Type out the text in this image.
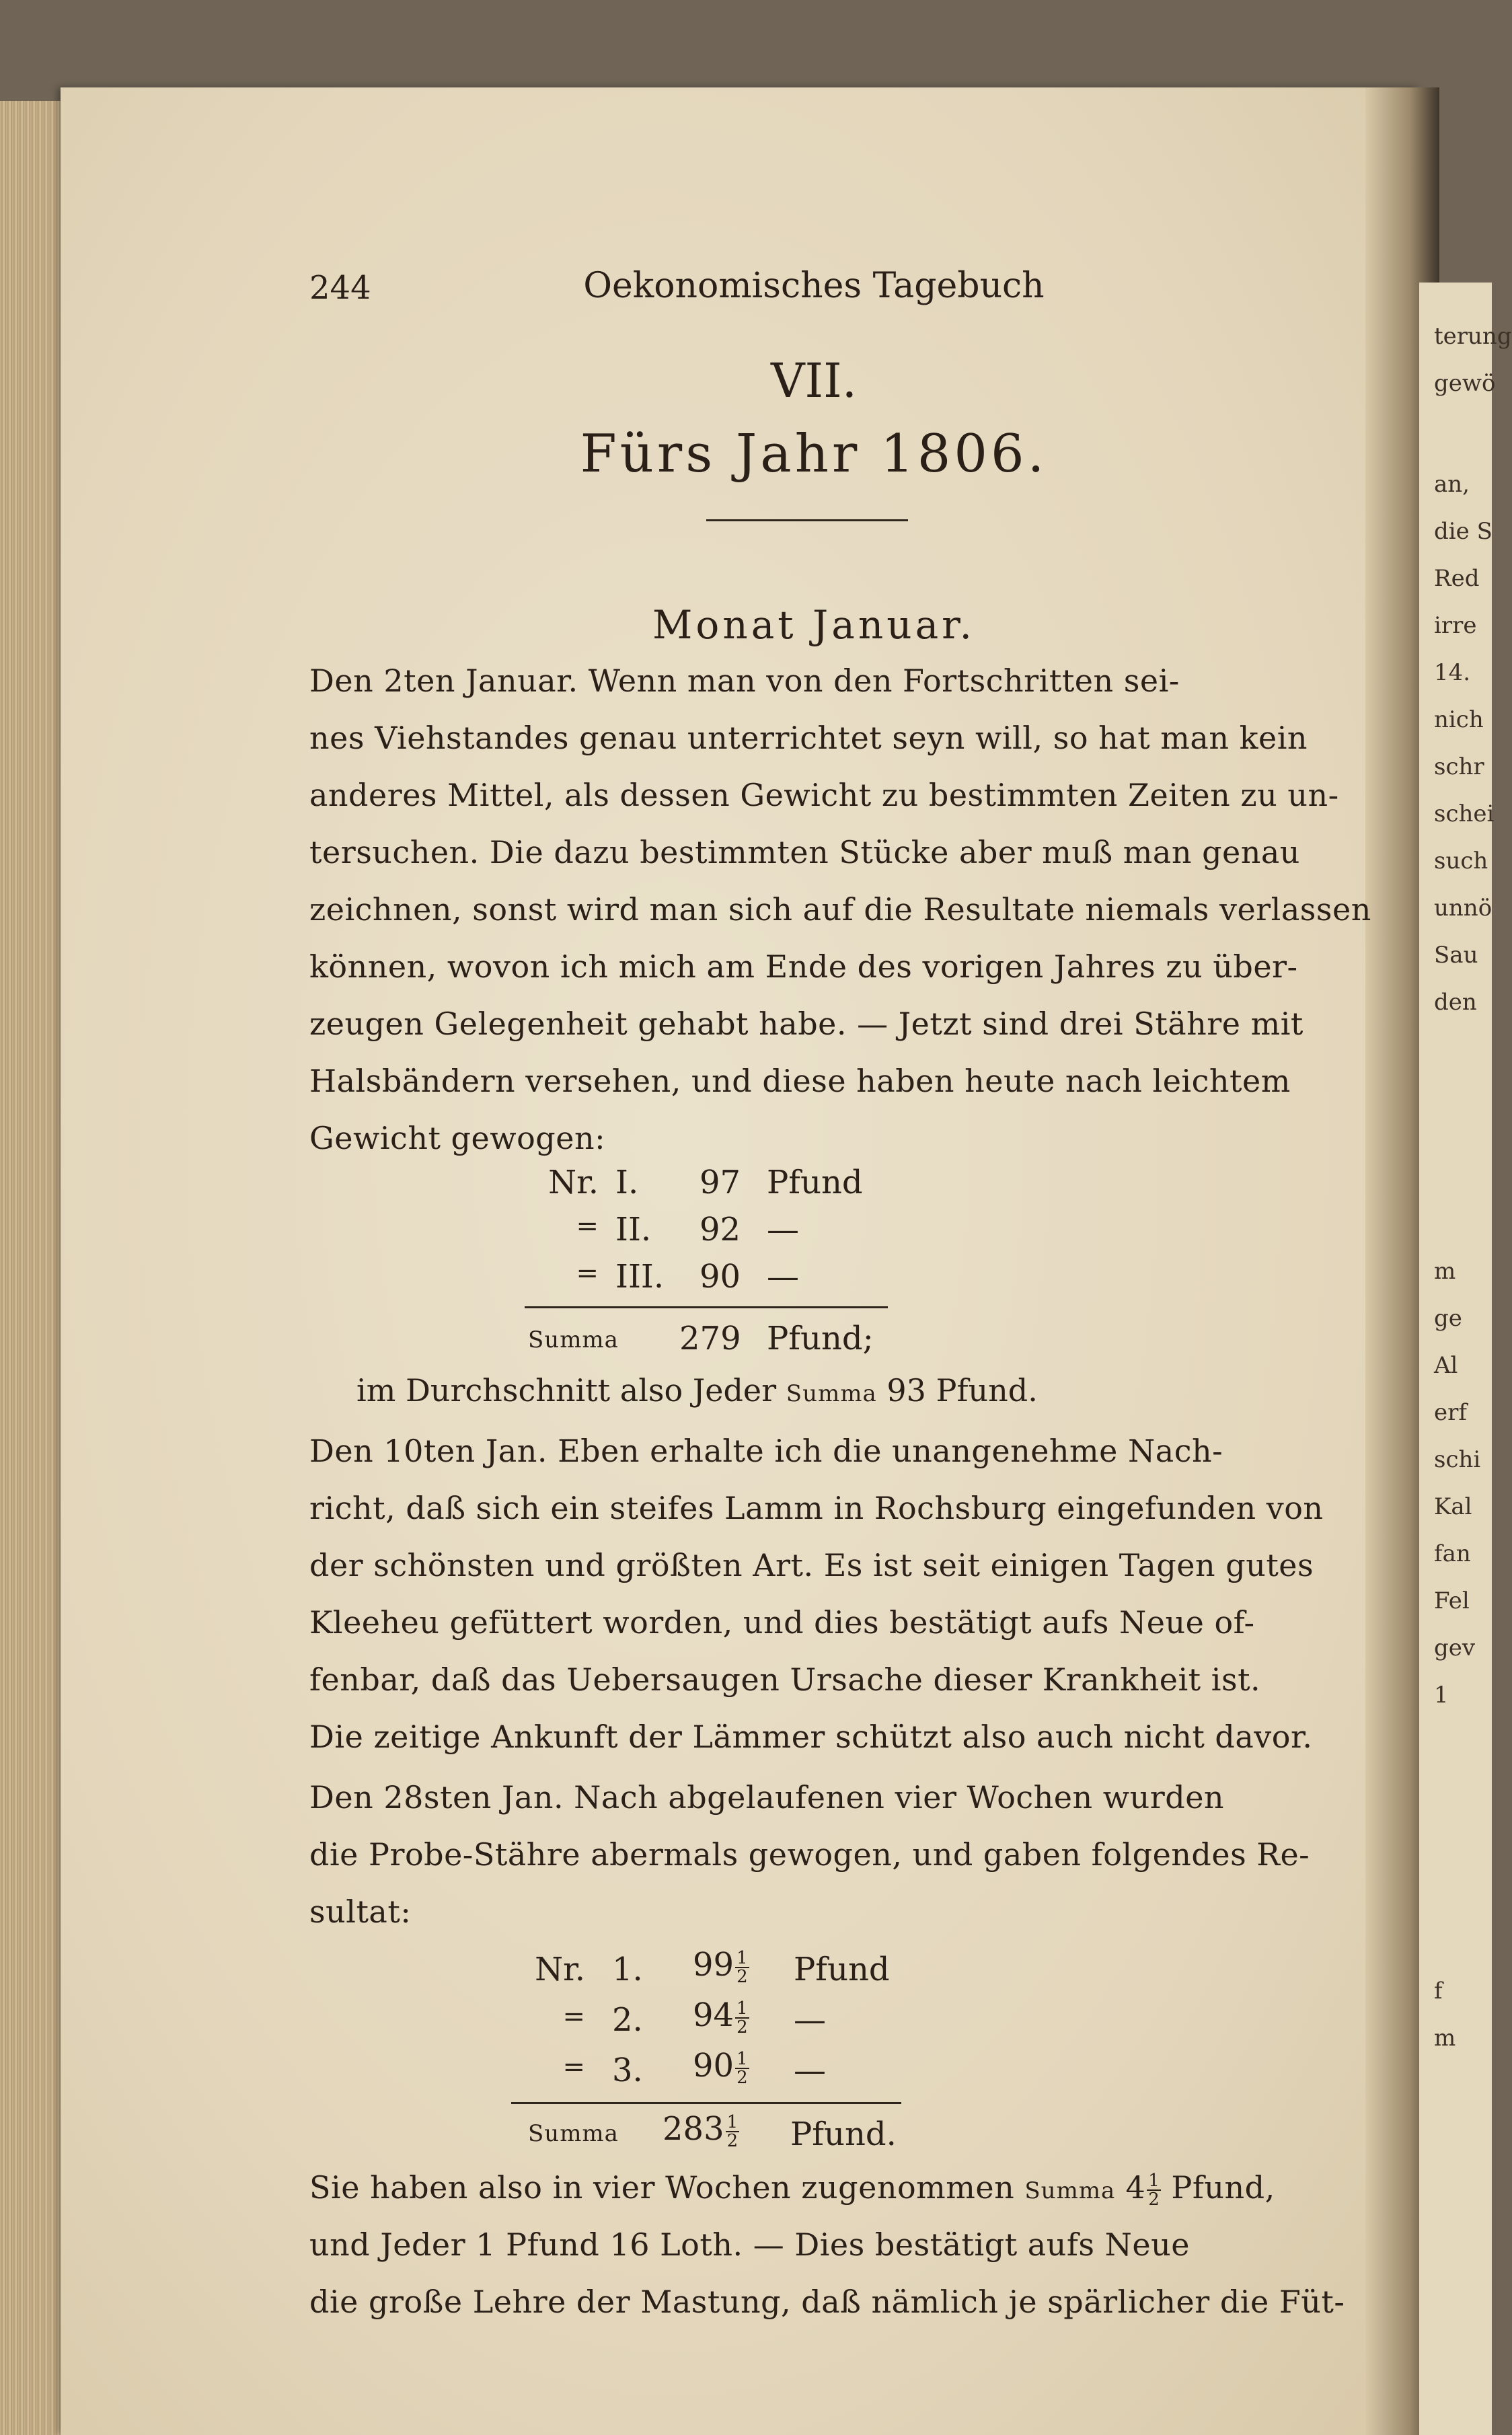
terung
gewö
an,
die S
Red
irre
14.
nich
schr
schei
such
unnö
Sau
den
m
ge
Al
erf
schi
Kal
fan
Fel
gev
1
f
m
244	Oekonomisches Tagebuch
VII.
Fürs Jahr 1806.
Monat Januar.
Den 2ten Januar. Wenn man von den Fortschritten sei-
nes Viehstandes genau unterrichtet seyn will, so hat man kein
anderes Mittel, als dessen Gewicht zu bestimmten Zeiten zu un-
tersuchen. Die dazu bestimmten Stücke aber muß man genau
zeichnen, sonst wird man sich auf die Resultate niemals verlassen
können, wovon ich mich am Ende des vorigen Jahres zu über-
zeugen Gelegenheit gehabt habe. — Jetzt sind drei Stähre mit
Halsbändern versehen, und diese haben heute nach leichtem
Gewicht gewogen:
Nr. I. 97 Pfund
= II. 92 —
= III. 90 —
Summa 279 Pfund;
im Durchschnitt also Jeder Summa 93 Pfund.
Den 10ten Jan. Eben erhalte ich die unangenehme Nach-
richt, daß sich ein steifes Lamm in Rochsburg eingefunden von
der schönsten und größten Art. Es ist seit einigen Tagen gutes
Kleeheu gefüttert worden, und dies bestätigt aufs Neue of-
fenbar, daß das Uebersaugen Ursache dieser Krankheit ist.
Die zeitige Ankunft der Lämmer schützt also auch nicht davor.
Den 28sten Jan. Nach abgelaufenen vier Wochen wurden
die Probe-Stähre abermals gewogen, und gaben folgendes Re-
sultat:
Nr. 1. $99 \frac{1}{2}$ Pfund
= 2. $94 \frac{1}{2}$ —
= 3. $90 \frac{1}{2}$ —
Summa $283 \frac{1}{2}$ Pfund.
Sie haben also in vier Wochen zugenommen Summa $4 \frac{1}{2}$ Pfund,
und Jeder 1 Pfund 16 Loth. — Dies bestätigt aufs Neue
die große Lehre der Mastung, daß nämlich je spärlicher die Füt-
